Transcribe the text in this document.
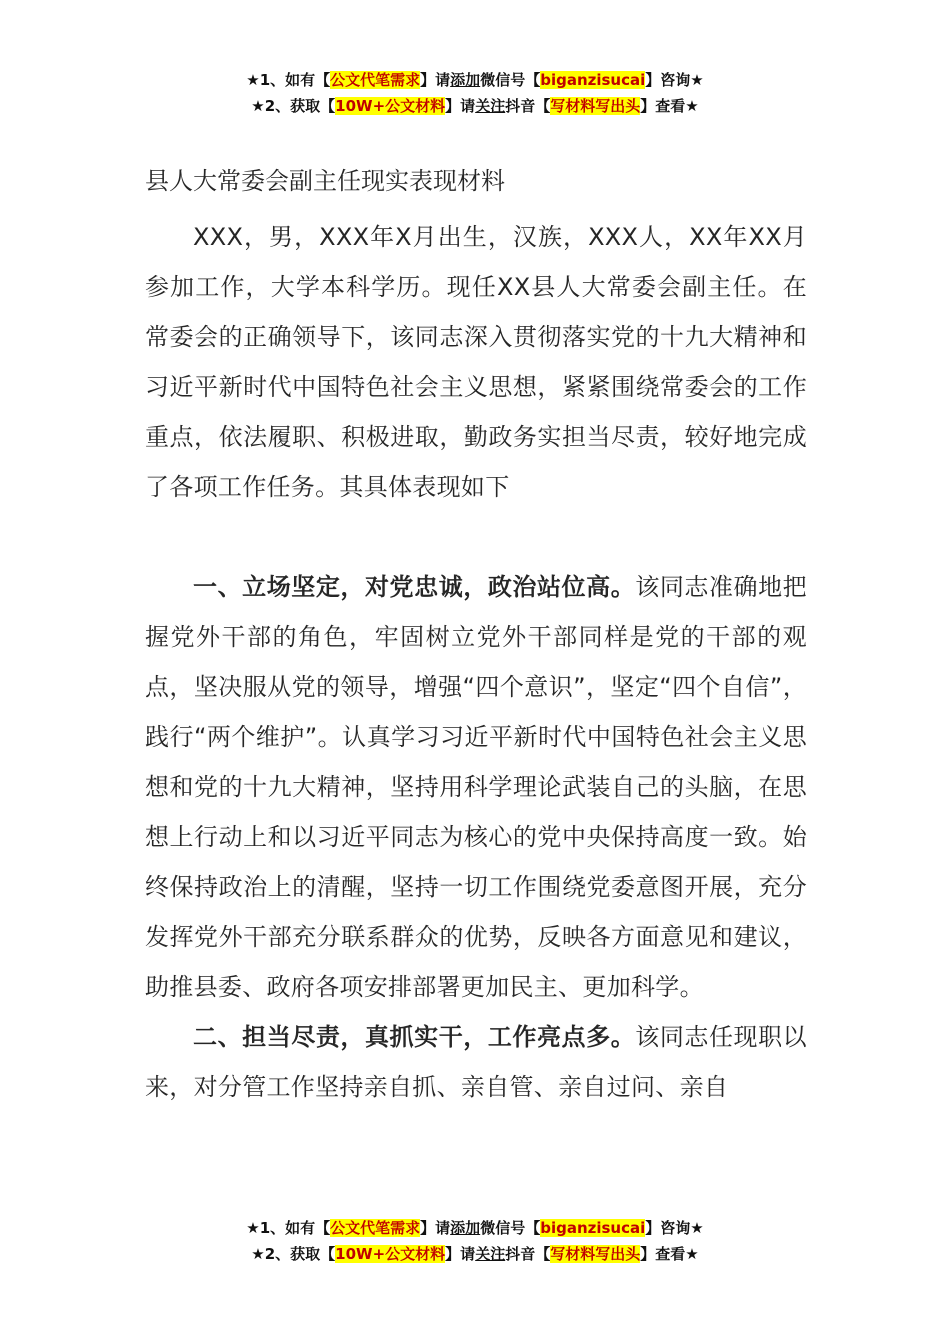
★1、如有【公文代笔需求】请添加微信号【biganzisucai】咨询★
★2、获取【10W+公文材料】请关注抖音【写材料写出头】查看★

县人大常委会副主任现实表现材料

XXX，男，XXX年X月出生，汉族，XXX人，XX年XX月参加工作，大学本科学历。现任XX县人大常委会副主任。在常委会的正确领导下，该同志深入贯彻落实党的十九大精神和习近平新时代中国特色社会主义思想，紧紧围绕常委会的工作重点，依法履职、积极进取，勤政务实担当尽责，较好地完成了各项工作任务。其具体表现如下

一、立场坚定，对党忠诚，政治站位高。该同志准确地把握党外干部的角色，牢固树立党外干部同样是党的干部的观点，坚决服从党的领导，增强“四个意识”，坚定“四个自信”，践行“两个维护”。认真学习习近平新时代中国特色社会主义思想和党的十九大精神，坚持用科学理论武装自己的头脑，在思想上行动上和以习近平同志为核心的党中央保持高度一致。始终保持政治上的清醒，坚持一切工作围绕党委意图开展，充分发挥党外干部充分联系群众的优势，反映各方面意见和建议，助推县委、政府各项安排部署更加民主、更加科学。

二、担当尽责，真抓实干，工作亮点多。该同志任现职以来，对分管工作坚持亲自抓、亲自管、亲自过问、亲自

★1、如有【公文代笔需求】请添加微信号【biganzisucai】咨询★
★2、获取【10W+公文材料】请关注抖音【写材料写出头】查看★
